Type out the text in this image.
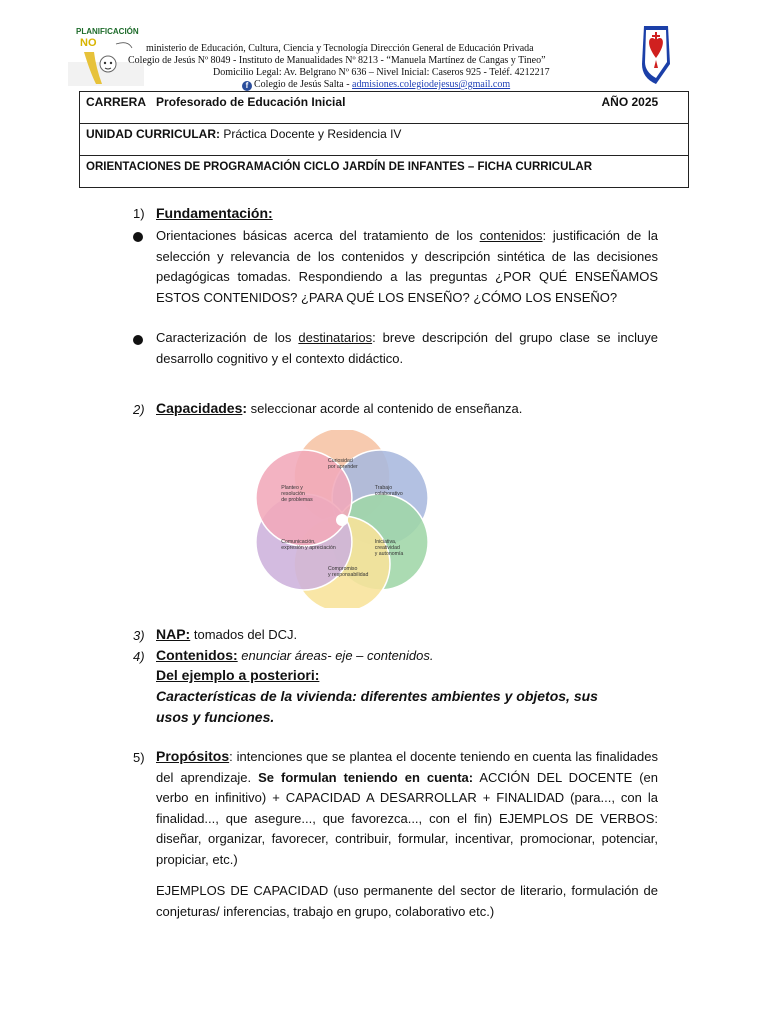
PLANIFICACIÓN
NO	ministerio de Educación, Cultura, Ciencia y Tecnología Dirección General de Educación Privada
Colegio de Jesús Nº 8049 - Instituto de Manualidades Nº 8213 - “Manuela Martínez de Cangas y Tineo”
Domicilio Legal: Av. Belgrano Nº 636 – Nivel Inicial: Caseros 925 - Teléf. 4212217
f Colegio de Jesús Salta - admisiones.colegiodejesus@gmail.com
CARRERA Profesorado de Educación Inicial	AÑO 2025

UNIDAD CURRICULAR: Práctica Docente y Residencia IV
ORIENTACIONES DE PROGRAMACIÓN CICLO JARDÍN DE INFANTES – FICHA CURRICULAR
1) Fundamentación:
Orientaciones básicas acerca del tratamiento de los contenidos: justificación de la selección y relevancia de los contenidos y descripción sintética de las decisiones pedagógicas tomadas. Respondiendo a las preguntas ¿POR QUÉ ENSEÑAMOS ESTOS CONTENIDOS? ¿PARA QUÉ LOS ENSEÑO? ¿CÓMO LOS ENSEÑO?
Caracterización de los destinatarios: breve descripción del grupo clase se incluye desarrollo cognitivo y el contexto didáctico.
2) Capacidades: seleccionar acorde al contenido de enseñanza.
Curiosidad por aprender
Trabajo colaborativo
Iniciativa, creatividad y autonomía
Compromiso y responsabilidad
Comunicación, expresión y apreciación
Planteo y resolución de problemas
3) NAP: tomados del DCJ.
4) Contenidos: enunciar áreas- eje – contenidos.
Del ejemplo a posteriori:
Características de la vivienda: diferentes ambientes y objetos, sus
usos y funciones.
5) Propósitos: intenciones que se plantea el docente teniendo en cuenta las finalidades del aprendizaje. Se formulan teniendo en cuenta: ACCIÓN DEL DOCENTE (en verbo en infinitivo) + CAPACIDAD A DESARROLLAR + FINALIDAD (para..., con la finalidad..., que asegure..., que favorezca..., con el fin) EJEMPLOS DE VERBOS: diseñar, organizar, favorecer, contribuir, formular, incentivar, promocionar, potenciar, propiciar, etc.)
EJEMPLOS DE CAPACIDAD (uso permanente del sector de literario, formulación de conjeturas/ inferencias, trabajo en grupo, colaborativo etc.)
